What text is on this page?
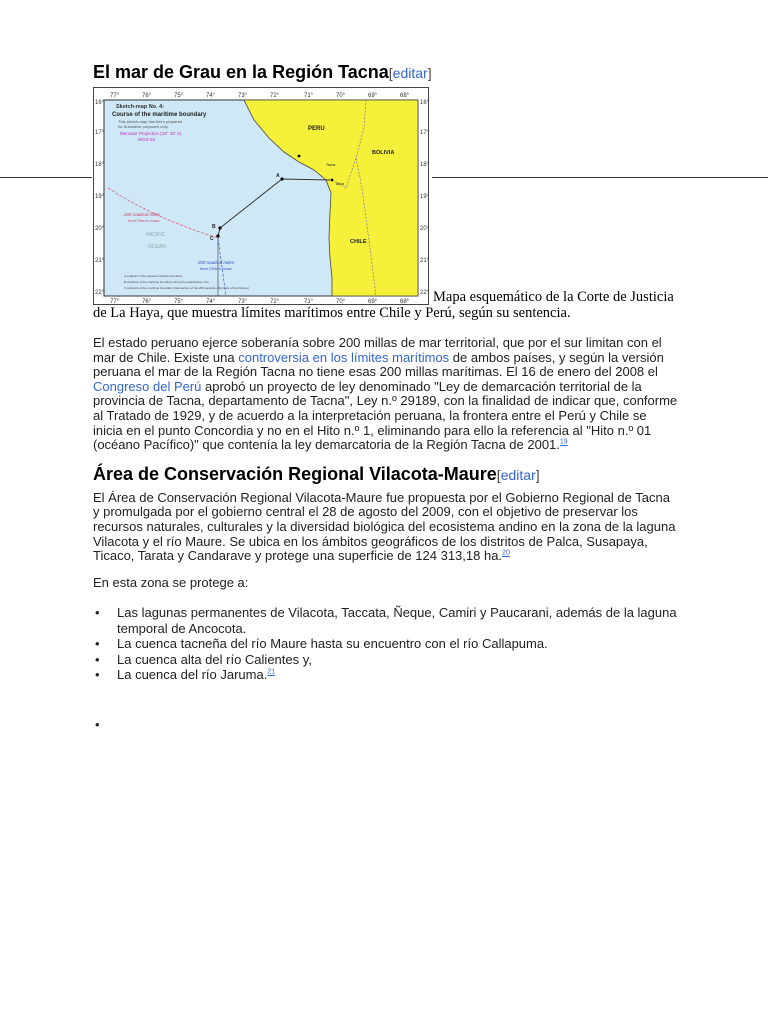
El mar de Grau en la Región Tacna[editar]
77°	76°	75°	74°	73°	72°	71°	70°	69°	68°
16°
17°
18°
19°
20°
21°
22°
Sketch-map No. 4:
Course of the maritime boundary
This sketch-map has been prepared
for illustrative purposes only.
Mercator Projection (18° 30' S)
WGS 84
PERU
BOLIVIA
CHILE
Tacna
Arica
PACIFIC
OCEAN
A
B
C
200 nautical miles
from Peru's coast
200 nautical miles
from Chile's coast
A endpoint of the agreed maritime boundary
B endpoint of the maritime boundary along the equidistance line
C endpoint of the maritime boundary (intersection of the 200-nautical-mile limits of the Parties)
77°	76°	75°	74°	73°	72°	71°	70°	69°	68°
16°
17°
18°
19°
20°
21°
22° Mapa esquemático de la Corte de Justicia de La Haya, que muestra límites marítimos entre Chile y Perú, según su sentencia.

El estado peruano ejerce soberanía sobre 200 millas de mar territorial, que por el sur limitan con el mar de Chile. Existe una controversia en los límites marítimos de ambos países, y según la versión peruana el mar de la Región Tacna no tiene esas 200 millas marítimas. El 16 de enero del 2008 el Congreso del Perú aprobó un proyecto de ley denominado "Ley de demarcación territorial de la provincia de Tacna, departamento de Tacna", Ley n.º 29189, con la finalidad de indicar que, conforme al Tratado de 1929, y de acuerdo a la interpretación peruana, la frontera entre el Perú y Chile se inicia en el punto Concordia y no en el Hito n.º 1, eliminando para ello la referencia al "Hito n.º 01 (océano Pacífico)" que contenía la ley demarcatoria de la Región Tacna de 2001.19

Área de Conservación Regional Vilacota-Maure[editar]

El Área de Conservación Regional Vilacota-Maure fue propuesta por el Gobierno Regional de Tacna y promulgada por el gobierno central el 28 de agosto del 2009, con el objetivo de preservar los recursos naturales, culturales y la diversidad biológica del ecosistema andino en la zona de la laguna Vilacota y el río Maure. Se ubica en los ámbitos geográficos de los distritos de Palca, Susapaya, Ticaco, Tarata y Candarave y protege una superficie de 124 313,18 ha.$^{20}$

En esta zona se protege a:

• Las lagunas permanentes de Vilacota, Taccata, Ñeque, Camiri y Paucarani, además de la laguna temporal de Ancocota.
• La cuenca tacneña del río Maure hasta su encuentro con el río Callapuma.
• La cuenca alta del río Calientes y,
• La cuenca del río Jaruma.$^{21}$
•
